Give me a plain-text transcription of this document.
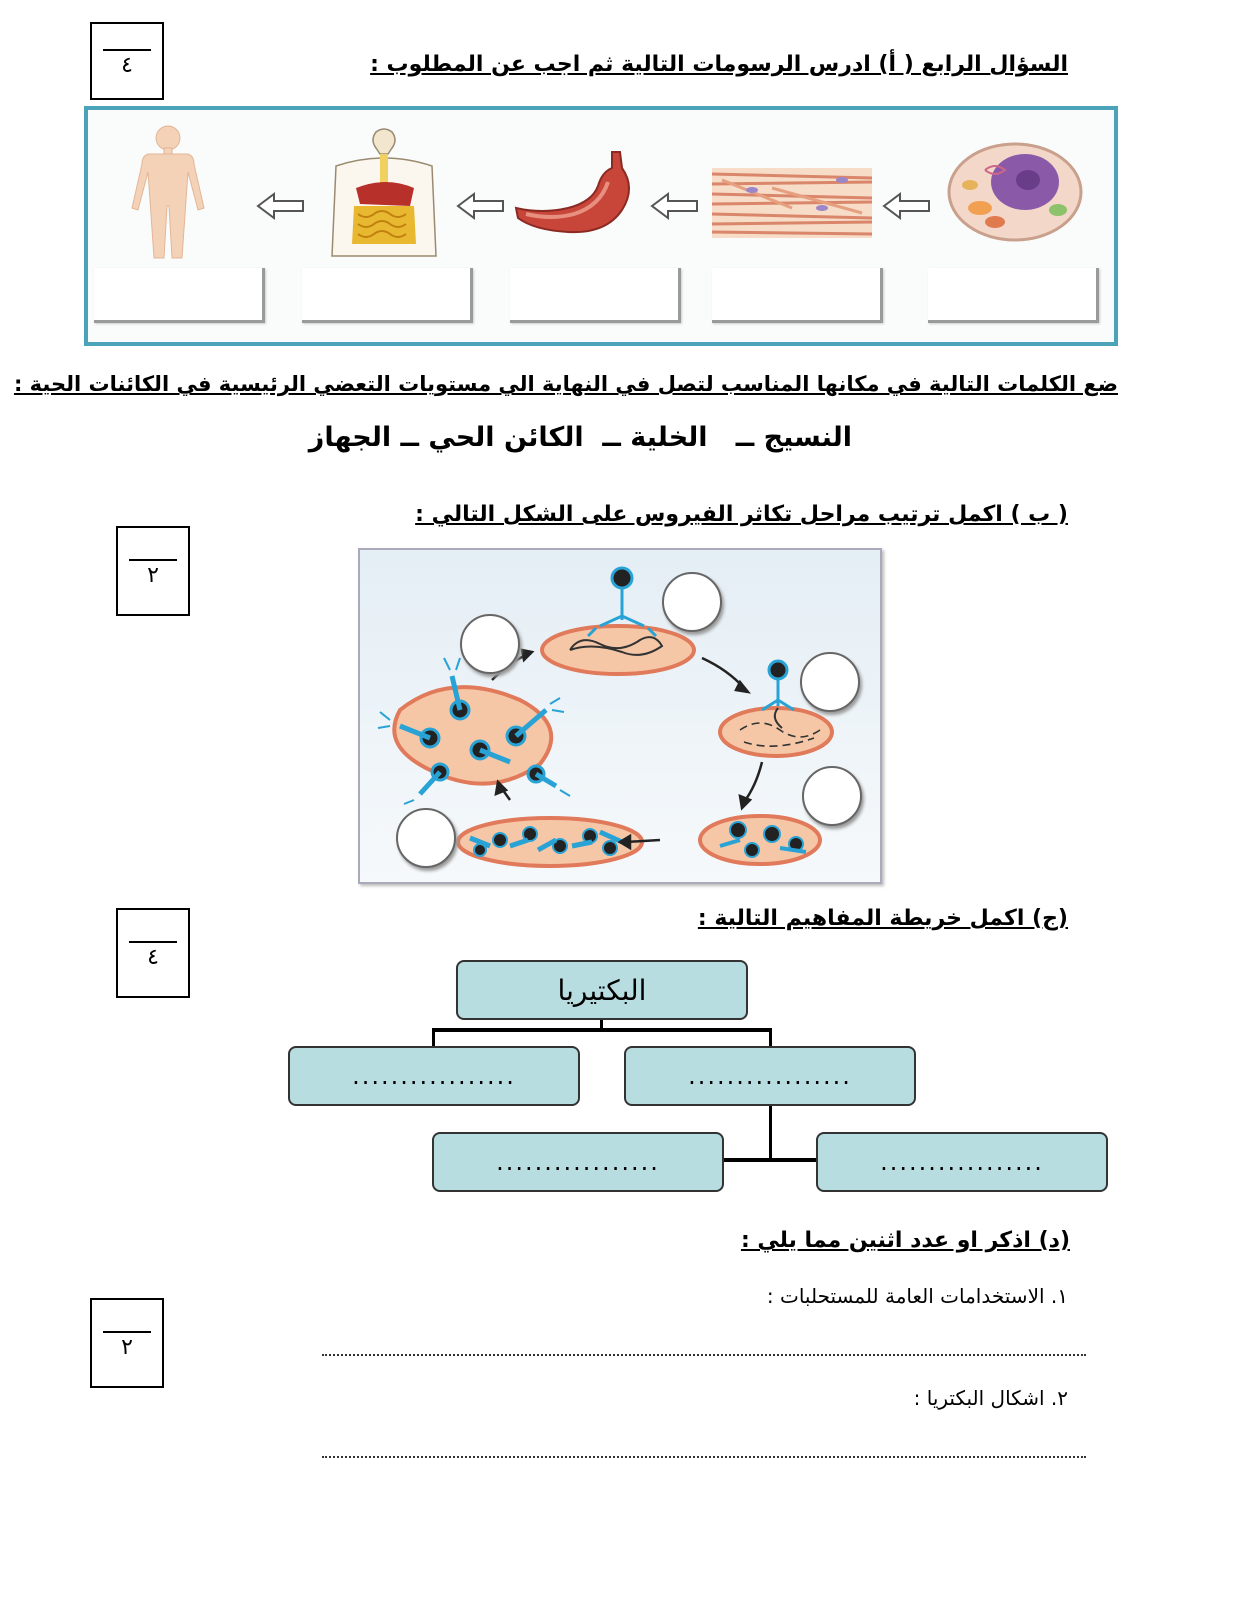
٤	السؤال الرابع ( أ) ادرس الرسومات التالية ثم اجب عن المطلوب :
ضع الكلمات التالية في مكانها المناسب لتصل في النهاية الي مستويات التعضي الرئيسية في الكائنات الحية :
النسيج ــ   الخلية ــ  الكائن الحي ــ الجهاز
٢
( ب ) اكمل ترتيب مراحل تكاثر الفيروس على الشكل التالي :
٤
(ج) اكمل خريطة المفاهيم التالية :
البكتيريا
.................	.................
.................	.................
(د) اذكر او عدد اثنين مما يلي :
٢
١. الاستخدامات العامة للمستحلبات :
٢. اشكال البكتريا :
